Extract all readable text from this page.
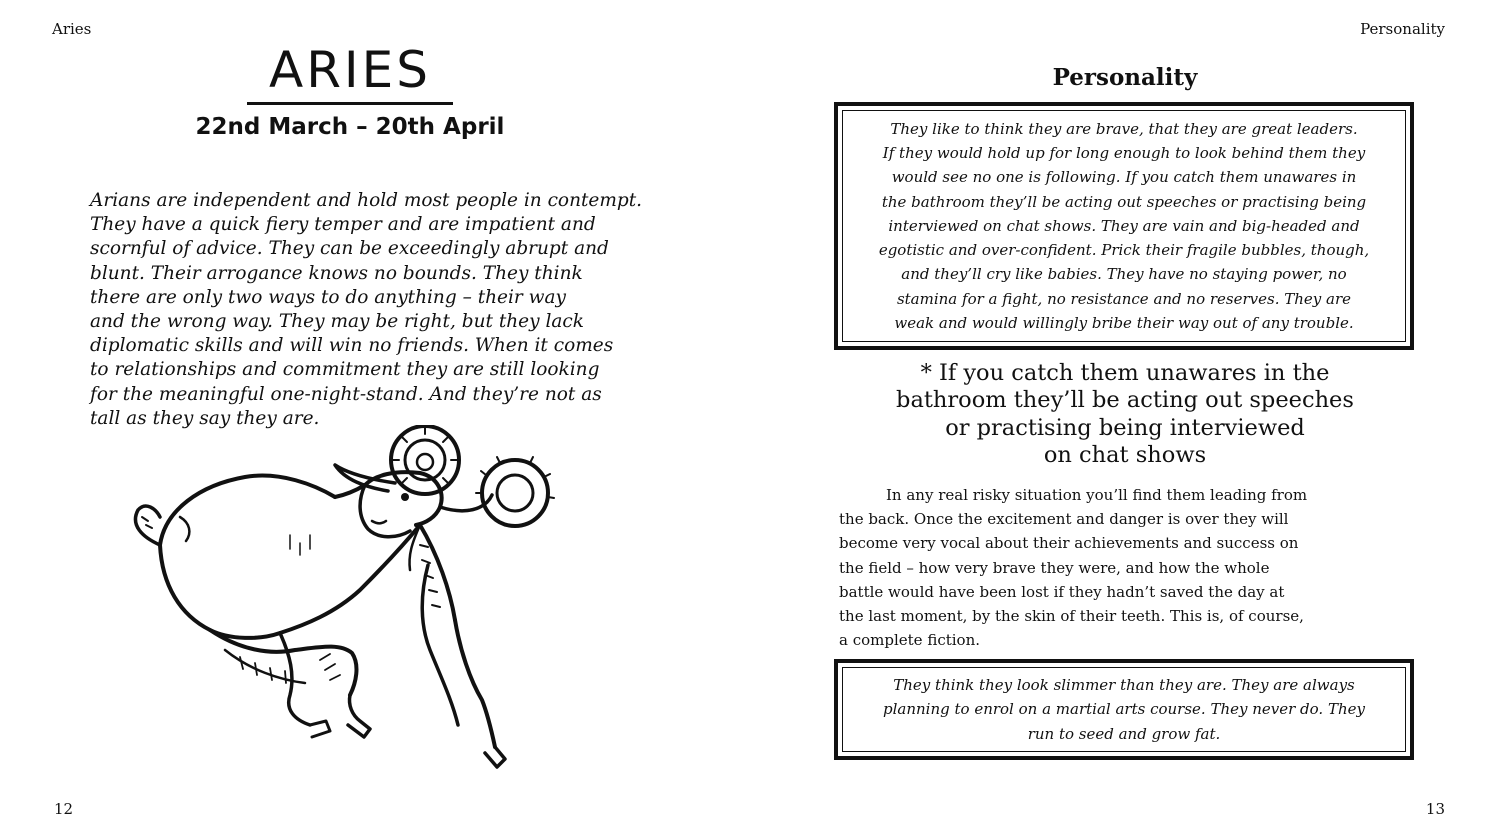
Aries
ARIES
22nd March – 20th April
Arians are independent and hold most people in contempt.
They have a quick fiery temper and are impatient and
scornful of advice. They can be exceedingly abrupt and
blunt. Their arrogance knows no bounds. They think
there are only two ways to do anything – their way
and the wrong way. They may be right, but they lack
diplomatic skills and will win no friends. When it comes
to relationships and commitment they are still looking
for the meaningful one-night-stand. And they’re not as
tall as they say they are.
12
Personality
Personality
They like to think they are brave, that they are great leaders.
If they would hold up for long enough to look behind them they
would see no one is following. If you catch them unawares in
the bathroom they’ll be acting out speeches or practising being
interviewed on chat shows. They are vain and big-headed and
egotistic and over-confident. Prick their fragile bubbles, though,
and they’ll cry like babies. They have no staying power, no
stamina for a fight, no resistance and no reserves. They are
weak and would willingly bribe their way out of any trouble.
* If you catch them unawares in the
bathroom they’ll be acting out speeches
or practising being interviewed
on chat shows
In any real risky situation you’ll find them leading from
the back. Once the excitement and danger is over they will
become very vocal about their achievements and success on
the field – how very brave they were, and how the whole
battle would have been lost if they hadn’t saved the day at
the last moment, by the skin of their teeth. This is, of course,
a complete fiction.
They think they look slimmer than they are. They are always
planning to enrol on a martial arts course. They never do. They
run to seed and grow fat.
13
